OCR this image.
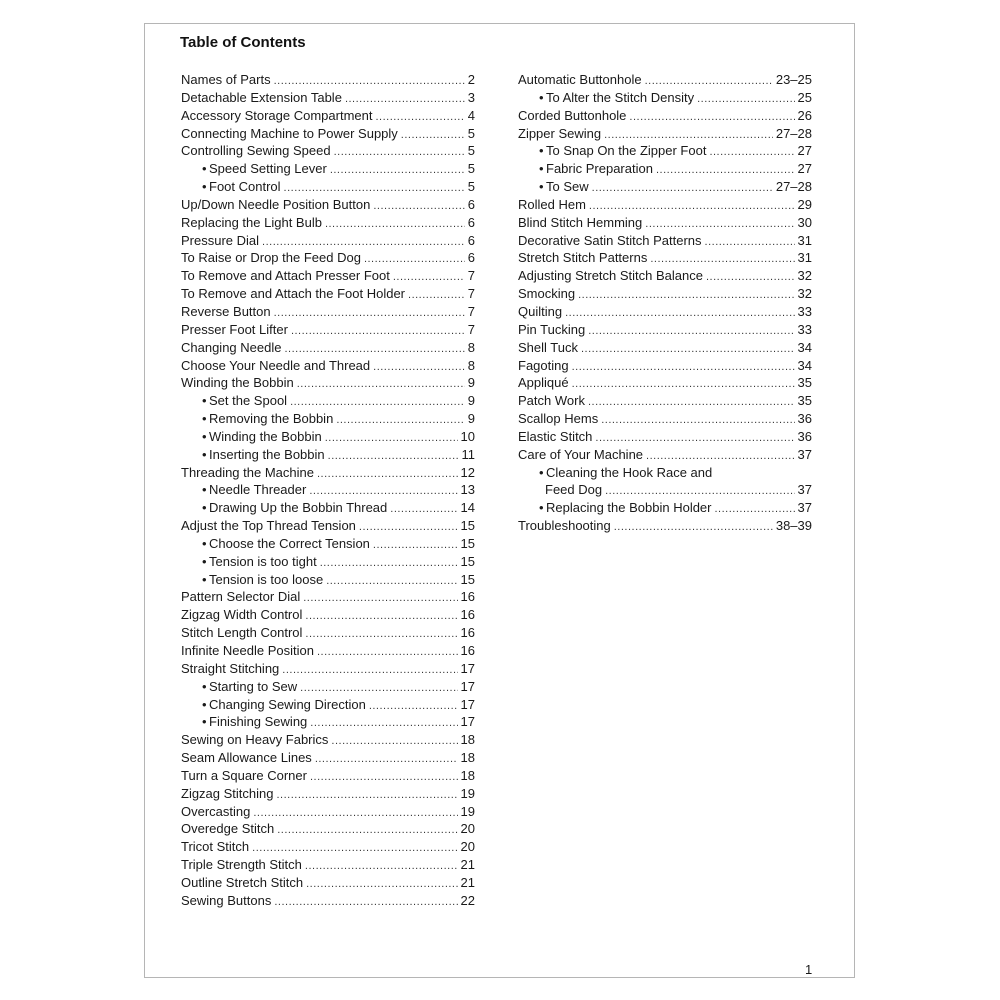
Table of Contents
Names of Parts .....	2
Detachable Extension Table .....	3
Accessory Storage Compartment .....	4
Connecting Machine to Power Supply .....	5
Controlling Sewing Speed .....	5
• Speed Setting Lever .....	5
• Foot Control .....	5
Up/Down Needle Position Button .....	6
Replacing the Light Bulb .....	6
Pressure Dial .....	6
To Raise or Drop the Feed Dog .....	6
To Remove and Attach Presser Foot .....	7
To Remove and Attach the Foot Holder .....	7
Reverse Button .....	7
Presser Foot Lifter .....	7
Changing Needle .....	8
Choose Your Needle and Thread .....	8
Winding the Bobbin .....	9
• Set the Spool .....	9
• Removing the Bobbin .....	9
• Winding the Bobbin .....	10
• Inserting the Bobbin .....	11
Threading the Machine .....	12
• Needle Threader .....	13
• Drawing Up the Bobbin Thread .....	14
Adjust the Top Thread Tension .....	15
• Choose the Correct Tension .....	15
• Tension is too tight .....	15
• Tension is too loose .....	15
Pattern Selector Dial .....	16
Zigzag Width Control .....	16
Stitch Length Control .....	16
Infinite Needle Position .....	16
Straight Stitching .....	17
• Starting to Sew .....	17
• Changing Sewing Direction .....	17
• Finishing Sewing .....	17
Sewing on Heavy Fabrics .....	18
Seam Allowance Lines .....	18
Turn a Square Corner .....	18
Zigzag Stitching .....	19
Overcasting .....	19
Overedge Stitch .....	20
Tricot Stitch .....	20
Triple Strength Stitch .....	21
Outline Stretch Stitch .....	21
Sewing Buttons .....	22
Automatic Buttonhole .....	23–25
• To Alter the Stitch Density .....	25
Corded Buttonhole .....	26
Zipper Sewing .....	27–28
• To Snap On the Zipper Foot .....	27
• Fabric Preparation .....	27
• To Sew .....	27–28
Rolled Hem .....	29
Blind Stitch Hemming .....	30
Decorative Satin Stitch Patterns .....	31
Stretch Stitch Patterns .....	31
Adjusting Stretch Stitch Balance .....	32
Smocking .....	32
Quilting .....	33
Pin Tucking .....	33
Shell Tuck .....	34
Fagoting .....	34
Appliqué .....	35
Patch Work .....	35
Scallop Hems .....	36
Elastic Stitch .....	36
Care of Your Machine .....	37
• Cleaning the Hook Race and
Feed Dog .....	37
• Replacing the Bobbin Holder .....	37
Troubleshooting .....	38–39
1
